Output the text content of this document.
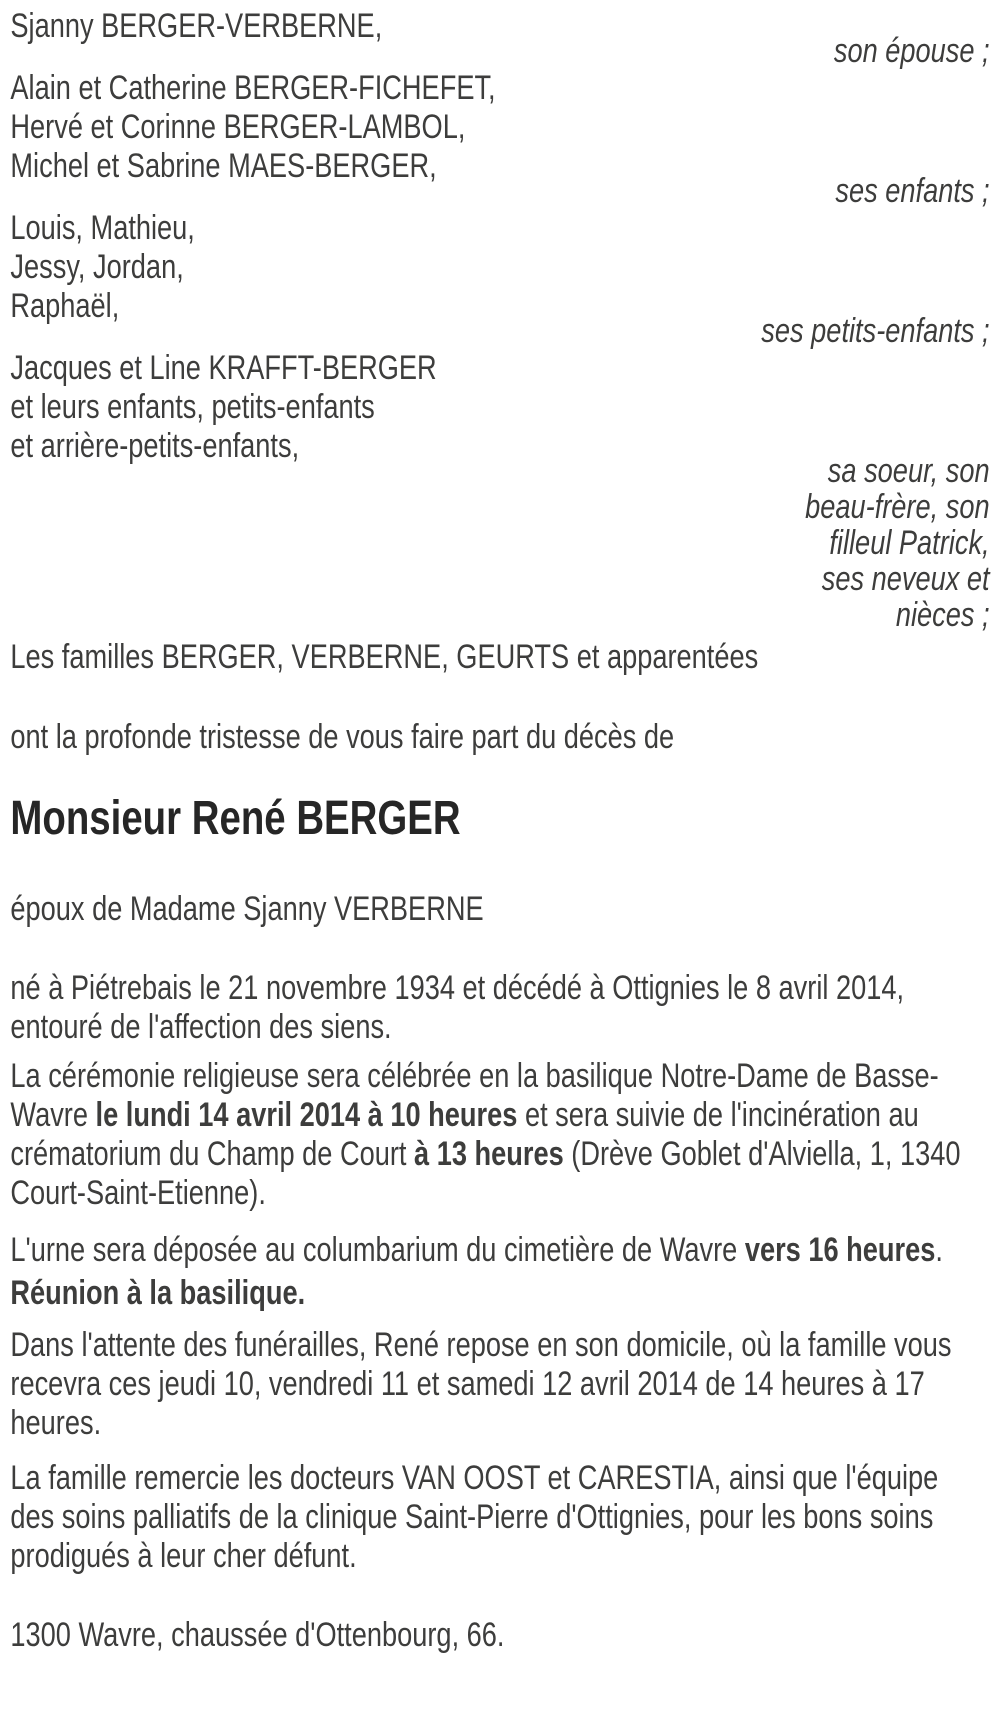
Sjanny BERGER-VERBERNE,
son épouse ;
Alain et Catherine BERGER-FICHEFET,
Hervé et Corinne BERGER-LAMBOL,
Michel et Sabrine MAES-BERGER,
ses enfants ;
Louis, Mathieu,
Jessy, Jordan,
Raphaël,
ses petits-enfants ;
Jacques et Line KRAFFT-BERGER
et leurs enfants, petits-enfants
et arrière-petits-enfants,
sa soeur, son
beau-frère, son
filleul Patrick,
ses neveux et
nièces ;
Les familles BERGER, VERBERNE, GEURTS et apparentées
ont la profonde tristesse de vous faire part du décès de
Monsieur René BERGER
époux de Madame Sjanny VERBERNE

né à Piétrebais le 21 novembre 1934 et décédé à Ottignies le 8 avril 2014, entouré de l'affection des siens.

La cérémonie religieuse sera célébrée en la basilique Notre-Dame de Basse-Wavre le lundi 14 avril 2014 à 10 heures et sera suivie de l'incinération au crématorium du Champ de Court à 13 heures (Drève Goblet d'Alviella, 1, 1340 Court-Saint-Etienne).

L'urne sera déposée au columbarium du cimetière de Wavre vers 16 heures.

Réunion à la basilique.

Dans l'attente des funérailles, René repose en son domicile, où la famille vous recevra ces jeudi 10, vendredi 11 et samedi 12 avril 2014 de 14 heures à 17 heures.

La famille remercie les docteurs VAN OOST et CARESTIA, ainsi que l'équipe des soins palliatifs de la clinique Saint-Pierre d'Ottignies, pour les bons soins prodigués à leur cher défunt.

1300 Wavre, chaussée d'Ottenbourg, 66.
